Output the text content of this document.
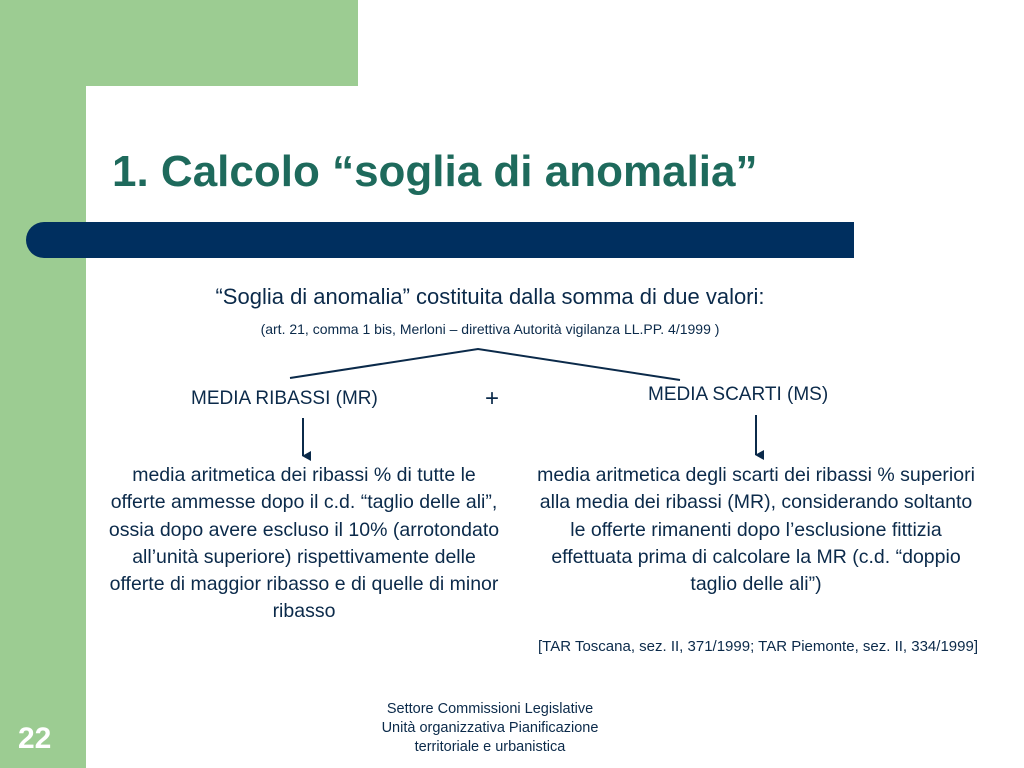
1. Calcolo “soglia di anomalia”
“Soglia di anomalia” costituita dalla somma di due valori:
(art. 21, comma 1 bis, Merloni – direttiva Autorità vigilanza LL.PP. 4/1999 )
MEDIA RIBASSI (MR)	+	MEDIA SCARTI (MS)
media aritmetica dei ribassi % di tutte le offerte ammesse dopo il c.d. “taglio delle ali”, ossia dopo avere escluso il 10% (arrotondato all’unità superiore) rispettivamente delle offerte di maggior ribasso e di quelle di minor ribasso
media aritmetica degli scarti dei ribassi % superiori alla media dei ribassi (MR), considerando soltanto le offerte rimanenti dopo l’esclusione fittizia effettuata prima di calcolare la MR (c.d. “doppio taglio delle ali”)
[TAR Toscana, sez. II, 371/1999; TAR Piemonte, sez. II, 334/1999]
Settore Commissioni Legislative
Unità organizzativa Pianificazione
territoriale e urbanistica
22
